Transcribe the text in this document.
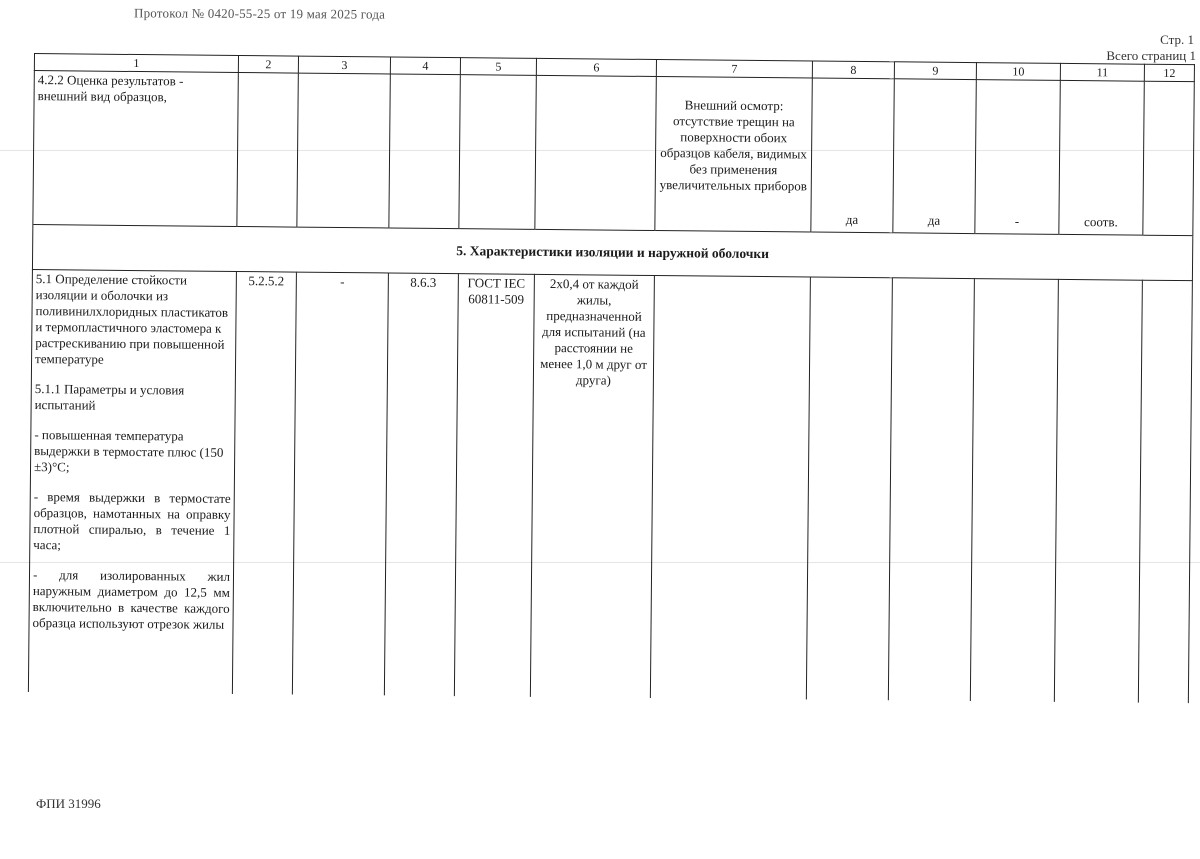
Протокол № 0420-55-25 от 19 мая 2025 года
Стр. 1
Всего страниц 1
1	2	3	4	5	6	7	8	9	10	11	12
4.2.2 Оценка результатов - внешний вид образцов,						Внешний осмотр: отсутствие трещин на поверхности обоих образцов кабеля, видимых без применения увеличительных приборов	да	да	-	соотв.	
5. Характеристики изоляции и наружной оболочки											

5.1 Определение стойкости изоляции и оболочки из поливинилхлоридных пластикатов и термопластичного эластомера к растрескиванию при повышенной температуре
5.1.1 Параметры и условия испытаний
- повышенная температура выдержки в термостате плюс (150 ±3)°С;
- время выдержки в термостате образцов, намотанных на оправку плотной спиралью, в течение 1 часа;
- для изолированных жил наружным диаметром до 12,5 мм включительно в качестве каждого образца используют отрезок жилы	5.2.5.2	-	8.6.3	ГОСТ IEC 60811-509	2х0,4 от каждой жилы, предназначенной для испытаний (на расстоянии не менее 1,0 м друг от друга)						
ФПИ 31996
